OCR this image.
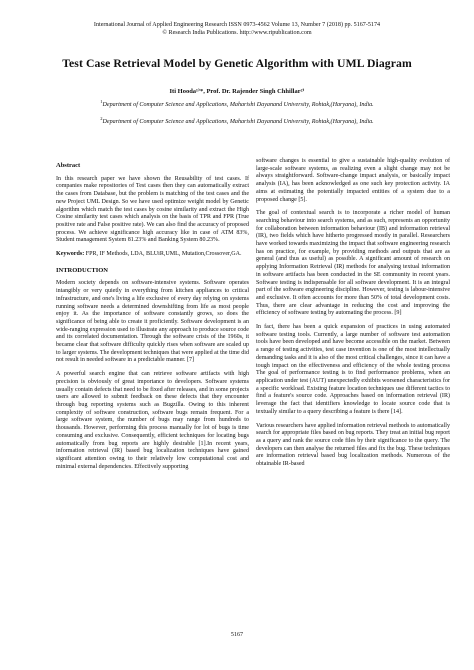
International Journal of Applied Engineering Research ISSN 0973-4562 Volume 13, Number 7 (2018) pp. 5167-5174
© Research India Publications. http://www.ripublication.com
Test Case Retrieval Model by Genetic Algorithm with UML Diagram
Iti Hooda¹⁾*, Prof. Dr. Rajender Singh Chhillar²⁾
$^1$Department of Computer Science and Applications, Maharishi Dayanand University, Rohtak,(Haryana), India.
$^2$Department of Computer Science and Applications, Maharishi Dayanand University, Rohtak,(Haryana), India.
Abstract

In this research paper we have shown the Reusability of test cases. If companies make repositories of Test cases then they can automatically extract the cases from Database, but the problem is matching of the test cases and the new Project UML Design. So we have used optimize weight model by Genetic algorithm which match the test cases by cosine similarity and extract the High Cosine similarity test cases which analysis on the basis of TPR and FPR (True positive rate and False positive rate). We can also find the accuracy of proposed process. We achieve significance high accuracy like in case of ATM 83%, Student management System 81.23% and Banking System 80.23%.

Keywords: FPR, IF Methods, LDA, BLUiR,UML, Mutation,Crossover,GA.

INTRODUCTION

Modern society depends on software-intensive systems. Software operates intangibly or very quietly in everything from kitchen appliances to critical infrastructure, and one's living a life exclusive of every day relying on systems running software needs a determined downshifting from life as most people enjoy it. As the importance of software constantly grows, so does the significance of being able to create it proficiently. Software development is an wide-ranging expression used to illustrate any approach to produce source code and its correlated documentation. Through the software crisis of the 1960s, it became clear that software difficulty quickly rises when software are scaled up to larger systems. The development techniques that were applied at the time did not result in needed software in a predictable manner. [7]

A powerful search engine that can retrieve software artifacts with high precision is obviously of great importance to developers. Software systems usually contain defects that need to be fixed after releases, and in some projects users are allowed to submit feedback on these defects that they encounter through bug reporting systems such as Bugzilla. Owing to this inherent complexity of software construction, software bugs remain frequent. For a large software system, the number of bugs may range from hundreds to thousands. However, performing this process manually for lot of bugs is time consuming and exclusive. Consequently, efficient techniques for locating bugs automatically from bug reports are highly desirable [1].In recent years, information retrieval (IR) based bug localization techniques have gained significant attention owing to their relatively low computational cost and minimal external dependencies. Effectively supporting

software changes is essential to give a sustainable high-quality evolution of large-scale software systems, as realizing even a slight change may not be always straightforward. Software-change impact analysis, or basically impact analysis (IA), has been acknowledged as one such key protection activity. IA aims at estimating the potentially impacted entities of a system due to a proposed change [5].

The goal of contextual search is to incorporate a richer model of human searching behaviour into search systems, and as such, represents an opportunity for collaboration between information behaviour (IB) and information retrieval (IR), two fields which have hitherto progressed mostly in parallel. Researchers have worked towards maximizing the impact that software engineering research has on practice, for example, by providing methods and outputs that are as general (and thus as useful) as possible. A significant amount of research on applying Information Retrieval (IR) methods for analysing textual information in software artifacts has been conducted in the SE community in recent years. Software testing is indispensable for all software development. It is an integral part of the software engineering discipline. However, testing is labour-intensive and exclusive. It often accounts for more than 50% of total development costs. Thus, there are clear advantage in reducing the cost and improving the efficiency of software testing by automating the process. [9]

In fact, there has been a quick expansion of practices in using automated software testing tools. Currently, a large number of software test automation tools have been developed and have become accessible on the market. Between a range of testing activities, test case invention is one of the most intellectually demanding tasks and it is also of the most critical challenges, since it can have a tough impact on the effectiveness and efficiency of the whole testing process The goal of performance testing is to find performance problems, when an application under test (AUT) unexpectedly exhibits worsened characteristics for a specific workload. Existing feature location techniques use different tactics to find a feature's source code. Approaches based on information retrieval (IR) leverage the fact that identifiers knowledge to locate source code that is textually similar to a query describing a feature is there [14].

Various researchers have applied information retrieval methods to automatically search for appropriate files based on bug reports. They treat an initial bug report as a query and rank the source code files by their significance to the query. The developers can then analyse the returned files and fix the bug. These techniques are information retrieval based bug localization methods. Numerous of the obtainable IR-based

5167
